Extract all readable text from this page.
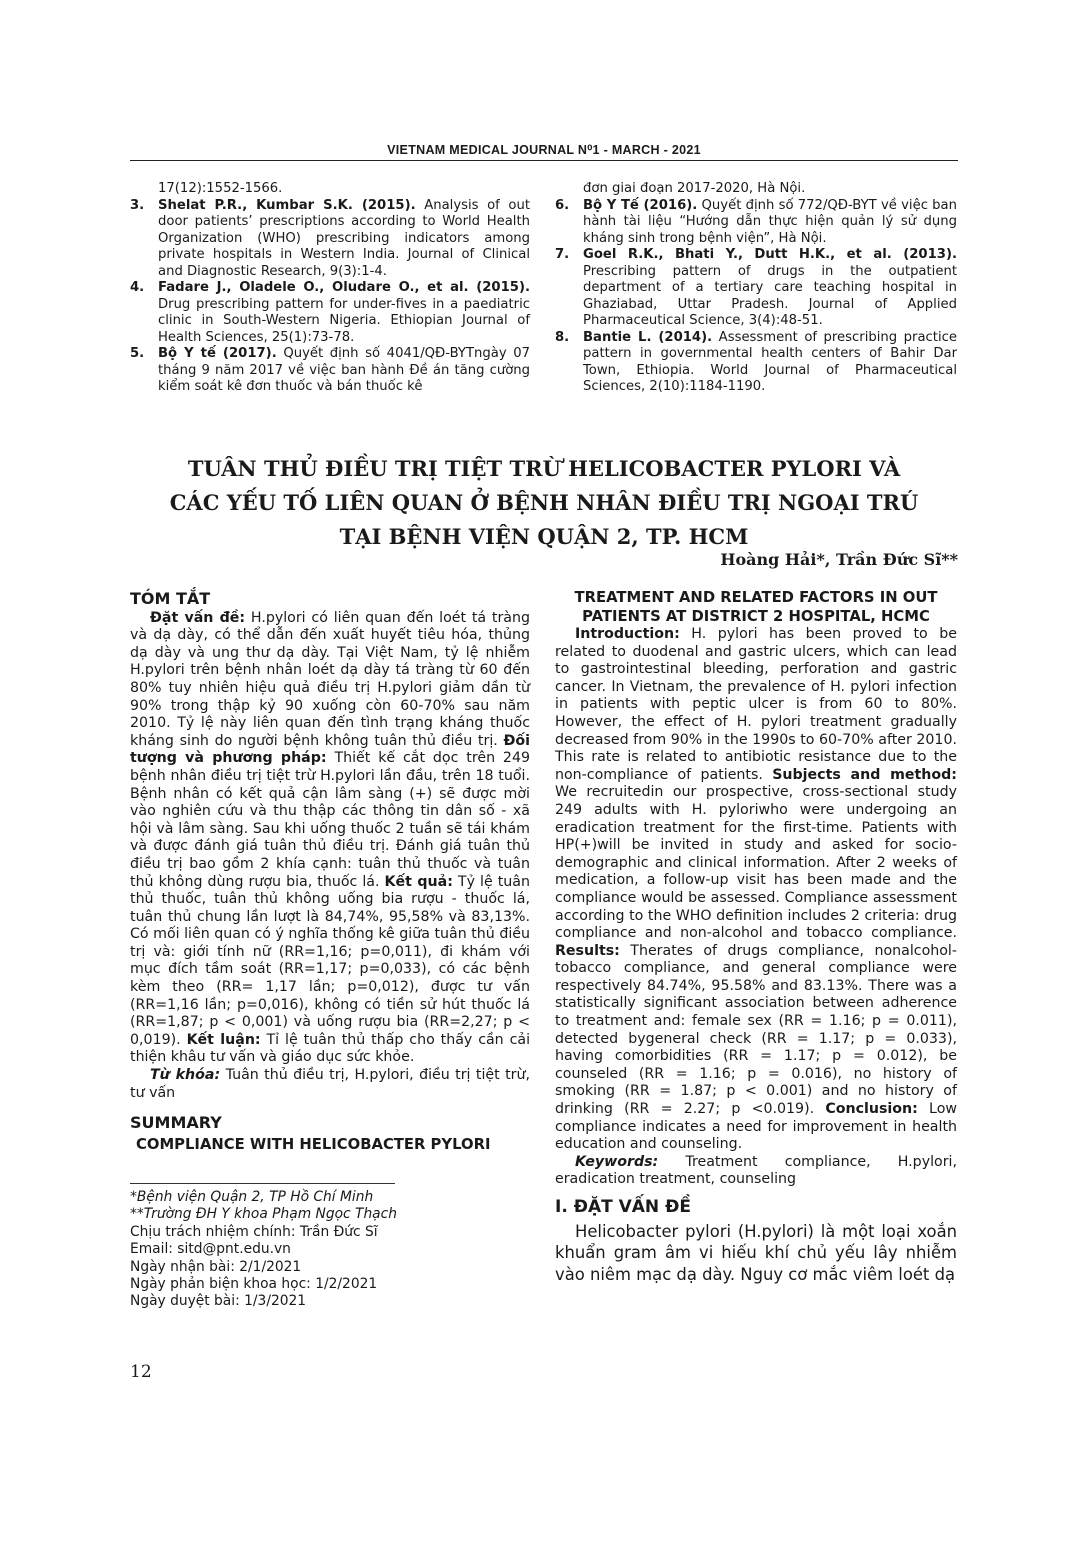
VIETNAM MEDICAL JOURNAL N⁰1 - MARCH - 2021
17(12):1552-1566.
3. Shelat P.R., Kumbar S.K. (2015). Analysis of out door patients’ prescriptions according to World Health Organization (WHO) prescribing indicators among private hospitals in Western India. Journal of Clinical and Diagnostic Research, 9(3):1-4.
4. Fadare J., Oladele O., Oludare O., et al. (2015). Drug prescribing pattern for under-fives in a paediatric clinic in South-Western Nigeria. Ethiopian Journal of Health Sciences, 25(1):73-78.
5. Bộ Y tế (2017). Quyết định số 4041/QĐ-BYTngày 07 tháng 9 năm 2017 về việc ban hành Đề án tăng cường kiểm soát kê đơn thuốc và bán thuốc kê
đơn giai đoạn 2017-2020, Hà Nội.
6. Bộ Y Tế (2016). Quyết định số 772/QĐ-BYT về việc ban hành tài liệu “Hướng dẫn thực hiện quản lý sử dụng kháng sinh trong bệnh viện”, Hà Nội.
7. Goel R.K., Bhati Y., Dutt H.K., et al. (2013). Prescribing pattern of drugs in the outpatient department of a tertiary care teaching hospital in Ghaziabad, Uttar Pradesh. Journal of Applied Pharmaceutical Science, 3(4):48-51.
8. Bantie L. (2014). Assessment of prescribing practice pattern in governmental health centers of Bahir Dar Town, Ethiopia. World Journal of Pharmaceutical Sciences, 2(10):1184-1190.
TUÂN THỦ ĐIỀU TRỊ TIỆT TRỪ HELICOBACTER PYLORI VÀ
CÁC YẾU TỐ LIÊN QUAN Ở BỆNH NHÂN ĐIỀU TRỊ NGOẠI TRÚ
TẠI BỆNH VIỆN QUẬN 2, TP. HCM
Hoàng Hải*, Trần Đức Sĩ**
TÓM TẮT

Đặt vấn đề: H.pylori có liên quan đến loét tá tràng và dạ dày, có thể dẫn đến xuất huyết tiêu hóa, thủng dạ dày và ung thư dạ dày. Tại Việt Nam, tỷ lệ nhiễm H.pylori trên bệnh nhân loét dạ dày tá tràng từ 60 đến 80% tuy nhiên hiệu quả điều trị H.pylori giảm dần từ 90% trong thập kỷ 90 xuống còn 60-70% sau năm 2010. Tỷ lệ này liên quan đến tình trạng kháng thuốc kháng sinh do người bệnh không tuân thủ điều trị. Đối tượng và phương pháp: Thiết kế cắt dọc trên 249 bệnh nhân điều trị tiệt trừ H.pylori lần đầu, trên 18 tuổi. Bệnh nhân có kết quả cận lâm sàng (+) sẽ được mời vào nghiên cứu và thu thập các thông tin dân số - xã hội và lâm sàng. Sau khi uống thuốc 2 tuần sẽ tái khám và được đánh giá tuân thủ điều trị. Đánh giá tuân thủ điều trị bao gồm 2 khía cạnh: tuân thủ thuốc và tuân thủ không dùng rượu bia, thuốc lá. Kết quả: Tỷ lệ tuân thủ thuốc, tuân thủ không uống bia rượu - thuốc lá, tuân thủ chung lần lượt là 84,74%, 95,58% và 83,13%. Có mối liên quan có ý nghĩa thống kê giữa tuân thủ điều trị và: giới tính nữ (RR=1,16; p=0,011), đi khám với mục đích tầm soát (RR=1,17; p=0,033), có các bệnh kèm theo (RR= 1,17 lần; p=0,012), được tư vấn (RR=1,16 lần; p=0,016), không có tiền sử hút thuốc lá (RR=1,87; p < 0,001) và uống rượu bia (RR=2,27; p < 0,019). Kết luận: Tỉ lệ tuân thủ thấp cho thấy cần cải thiện khâu tư vấn và giáo dục sức khỏe.

Từ khóa: Tuân thủ điều trị, H.pylori, điều trị tiệt trừ, tư vấn

SUMMARY
COMPLIANCE WITH HELICOBACTER PYLORI
*Bệnh viện Quận 2, TP Hồ Chí Minh
**Trường ĐH Y khoa Phạm Ngọc Thạch
Chịu trách nhiệm chính: Trần Đức Sĩ
Email: sitd@pnt.edu.vn
Ngày nhận bài: 2/1/2021
Ngày phản biện khoa học: 1/2/2021
Ngày duyệt bài: 1/3/2021
TREATMENT AND RELATED FACTORS IN OUT
PATIENTS AT DISTRICT 2 HOSPITAL, HCMC

Introduction: H. pylori has been proved to be related to duodenal and gastric ulcers, which can lead to gastrointestinal bleeding, perforation and gastric cancer. In Vietnam, the prevalence of H. pylori infection in patients with peptic ulcer is from 60 to 80%. However, the effect of H. pylori treatment gradually decreased from 90% in the 1990s to 60-70% after 2010. This rate is related to antibiotic resistance due to the non-compliance of patients. Subjects and method: We recruitedin our prospective, cross-sectional study 249 adults with H. pyloriwho were undergoing an eradication treatment for the first-time. Patients with HP(+)will be invited in study and asked for socio-demographic and clinical information. After 2 weeks of medication, a follow-up visit has been made and the compliance would be assessed. Compliance assessment according to the WHO definition includes 2 criteria: drug compliance and non-alcohol and tobacco compliance. Results: Therates of drugs compliance, nonalcohol-tobacco compliance, and general compliance were respectively 84.74%, 95.58% and 83.13%. There was a statistically significant association between adherence to treatment and: female sex (RR = 1.16; p = 0.011), detected bygeneral check (RR = 1.17; p = 0.033), having comorbidities (RR = 1.17; p = 0.012), be counseled (RR = 1.16; p = 0.016), no history of smoking (RR = 1.87; p < 0.001) and no history of drinking (RR = 2.27; p <0.019). Conclusion: Low compliance indicates a need for improvement in health education and counseling.

Keywords: Treatment compliance, H.pylori, eradication treatment, counseling

I. ĐẶT VẤN ĐỀ

Helicobacter pylori (H.pylori) là một loại xoắn khuẩn gram âm vi hiếu khí chủ yếu lây nhiễm vào niêm mạc dạ dày. Nguy cơ mắc viêm loét dạ

12
